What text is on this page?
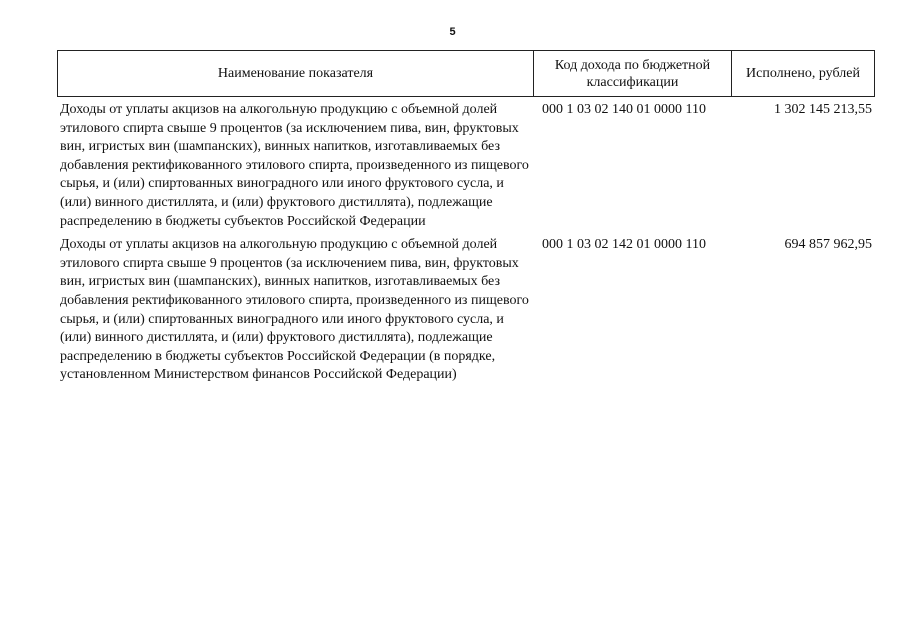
5
Наименование показателя
Код дохода по бюджетной классификации
Исполнено, рублей
Доходы от уплаты акцизов на алкогольную продукцию с объемной долей этилового спирта свыше 9 процентов (за исключением пива, вин, фруктовых вин, игристых вин (шампанских), винных напитков, изготавливаемых без добавления ректификованного этилового спирта, произведенного из пищевого сырья, и (или) спиртованных виноградного или иного фруктового сусла, и (или) винного дистиллята, и (или) фруктового дистиллята), подлежащие распределению в бюджеты субъектов Российской Федерации
000 1 03 02 140 01 0000 110	1 302 145 213,55
Доходы от уплаты акцизов на алкогольную продукцию с объемной долей этилового спирта свыше 9 процентов (за исключением пива, вин, фруктовых вин, игристых вин (шампанских), винных напитков, изготавливаемых без добавления ректификованного этилового спирта, произведенного из пищевого сырья, и (или) спиртованных виноградного или иного фруктового сусла, и (или) винного дистиллята, и (или) фруктового дистиллята), подлежащие распределению в бюджеты субъектов Российской Федерации (в порядке, установленном Министерством финансов Российской Федерации)
000 1 03 02 142 01 0000 110	694 857 962,95
